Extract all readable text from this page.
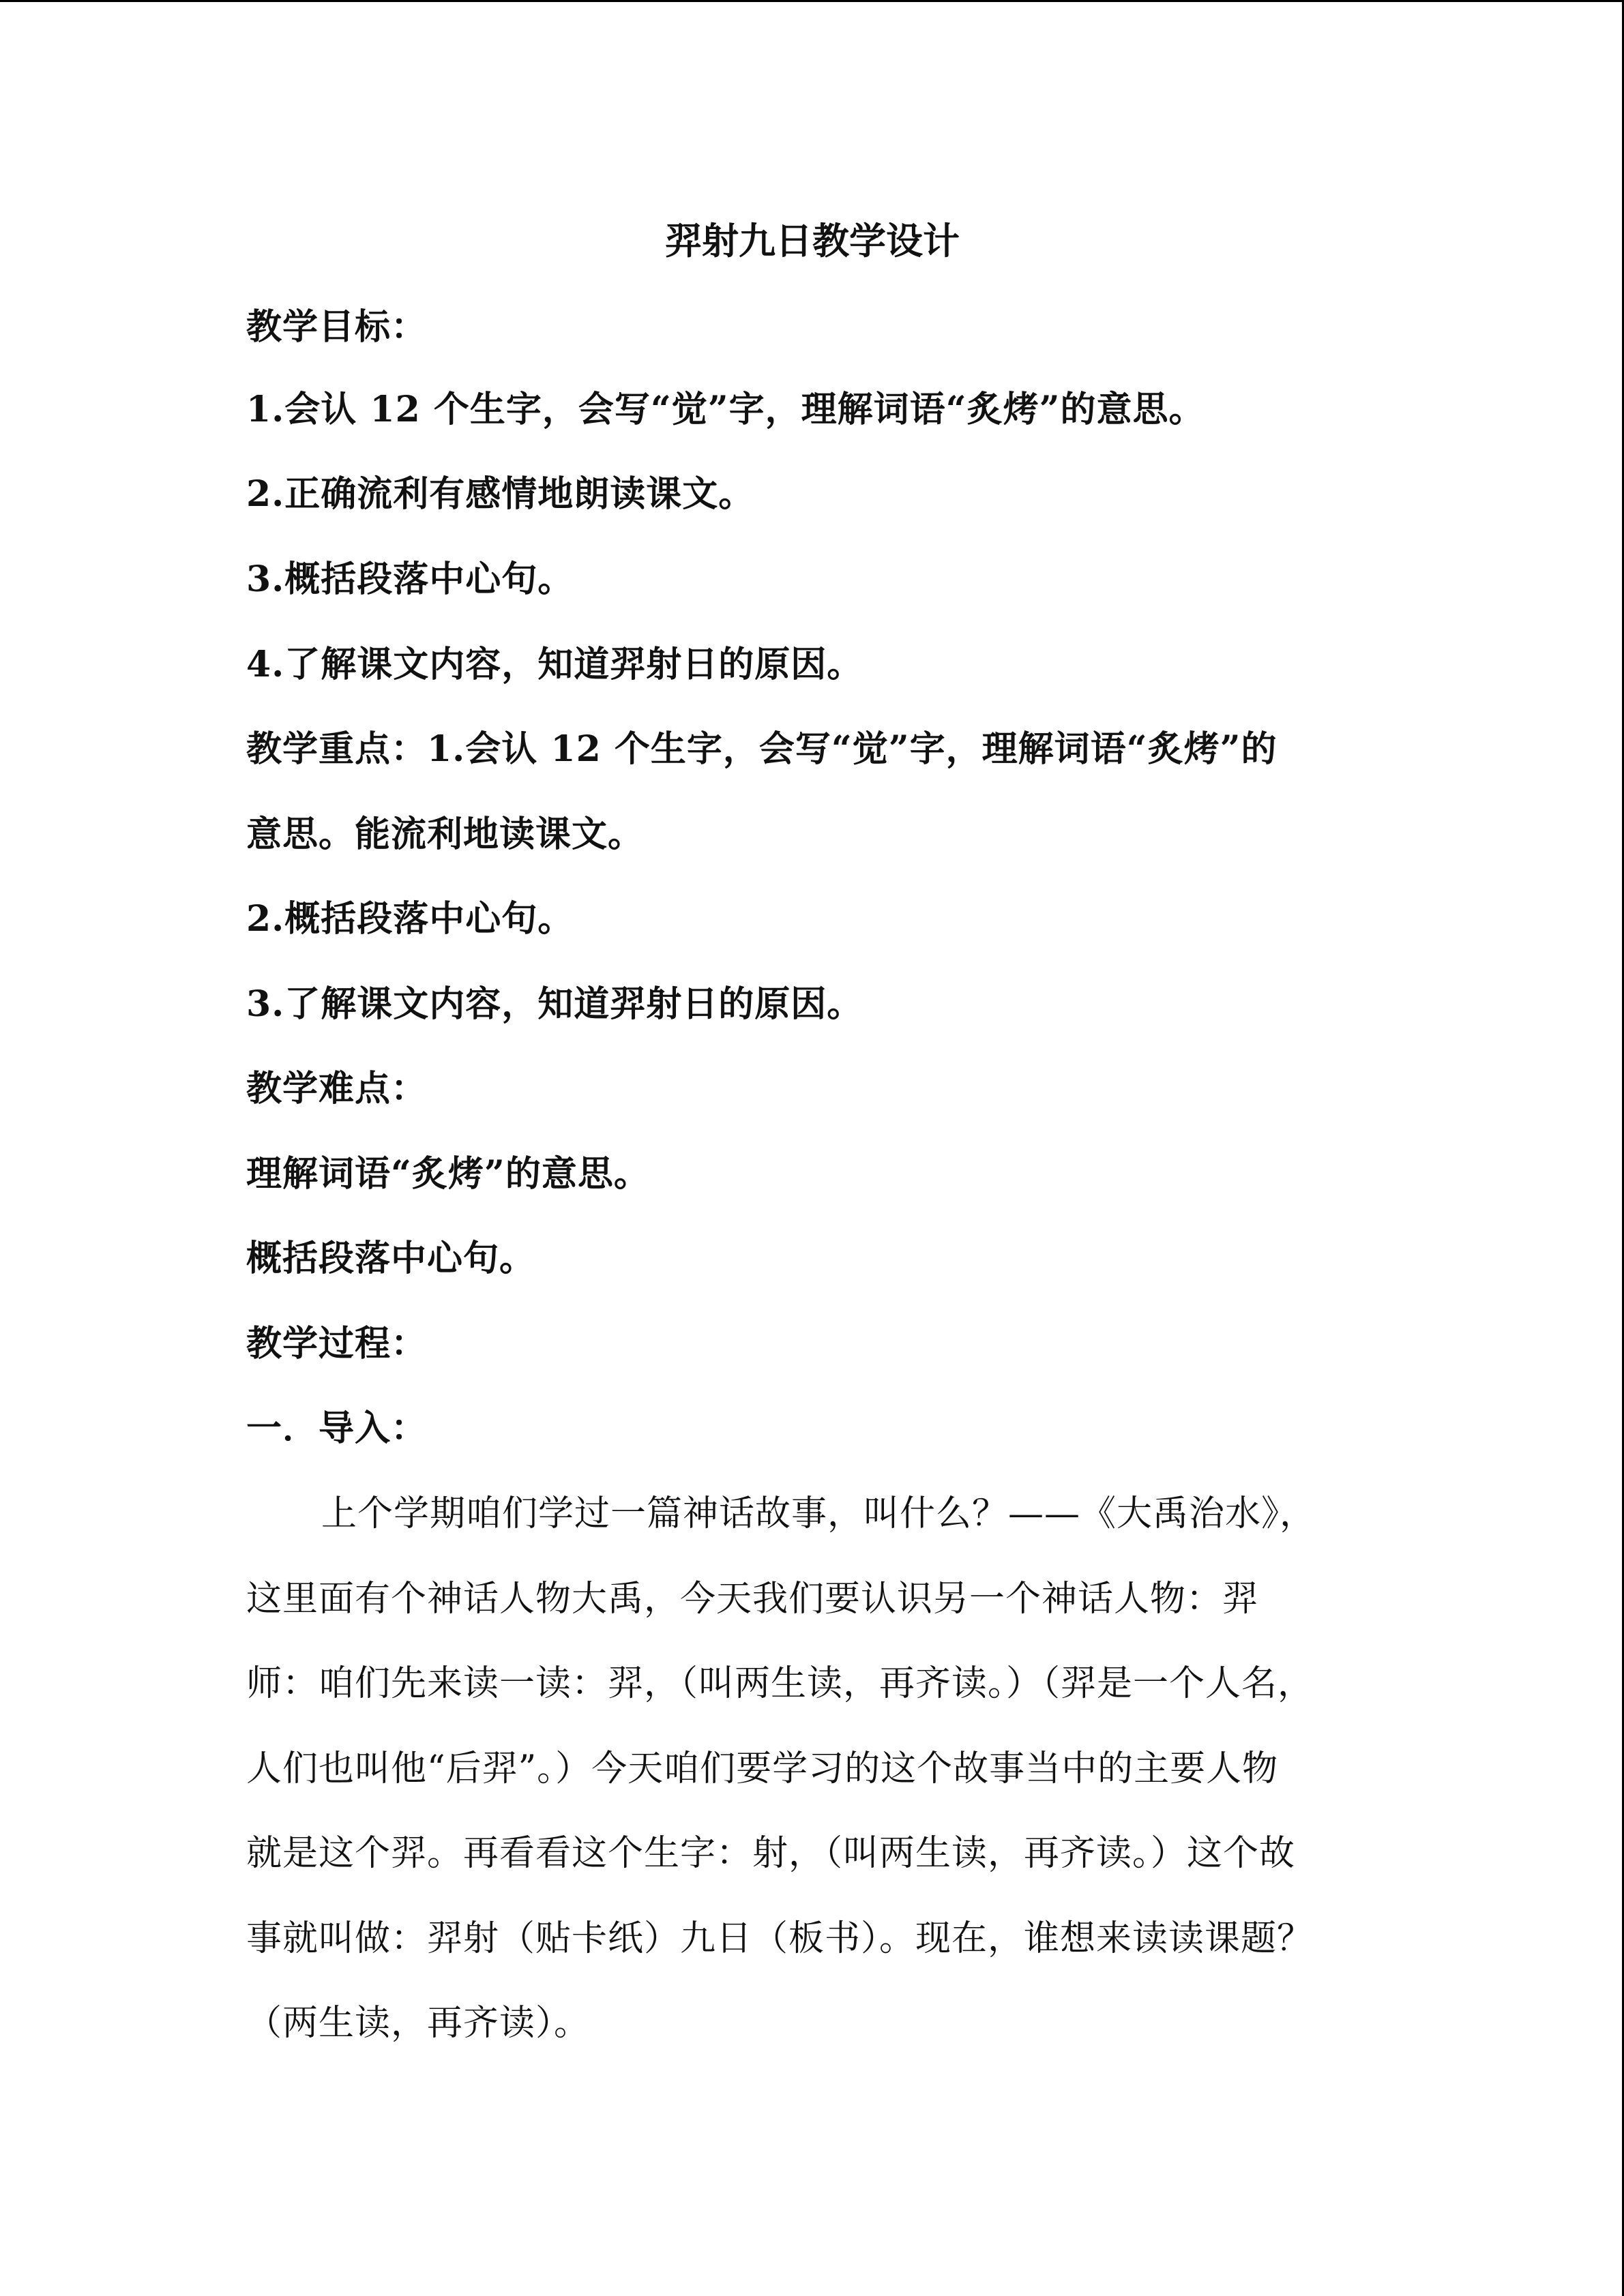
羿射九日教学设计
教学目标：
1.会认 12 个生字，会写“觉”字，理解词语“炙烤”的意思。
2.正确流利有感情地朗读课文。
3.概括段落中心句。
4.了解课文内容，知道羿射日的原因。
教学重点：1.会认 12 个生字，会写“觉”字，理解词语“炙烤”的
意思。能流利地读课文。
2.概括段落中心句。
3.了解课文内容，知道羿射日的原因。
教学难点：
理解词语“炙烤”的意思。
概括段落中心句。
教学过程：
一．导入：
上个学期咱们学过一篇神话故事，叫什么？——《大禹治水》，
这里面有个神话人物大禹，今天我们要认识另一个神话人物：羿
师：咱们先来读一读：羿，（叫两生读，再齐读。）（羿是一个人名，
人们也叫他“后羿”。）今天咱们要学习的这个故事当中的主要人物
就是这个羿。再看看这个生字：射，（叫两生读，再齐读。）这个故
事就叫做：羿射（贴卡纸）九日（板书）。现在，谁想来读读课题？
（两生读，再齐读）。
